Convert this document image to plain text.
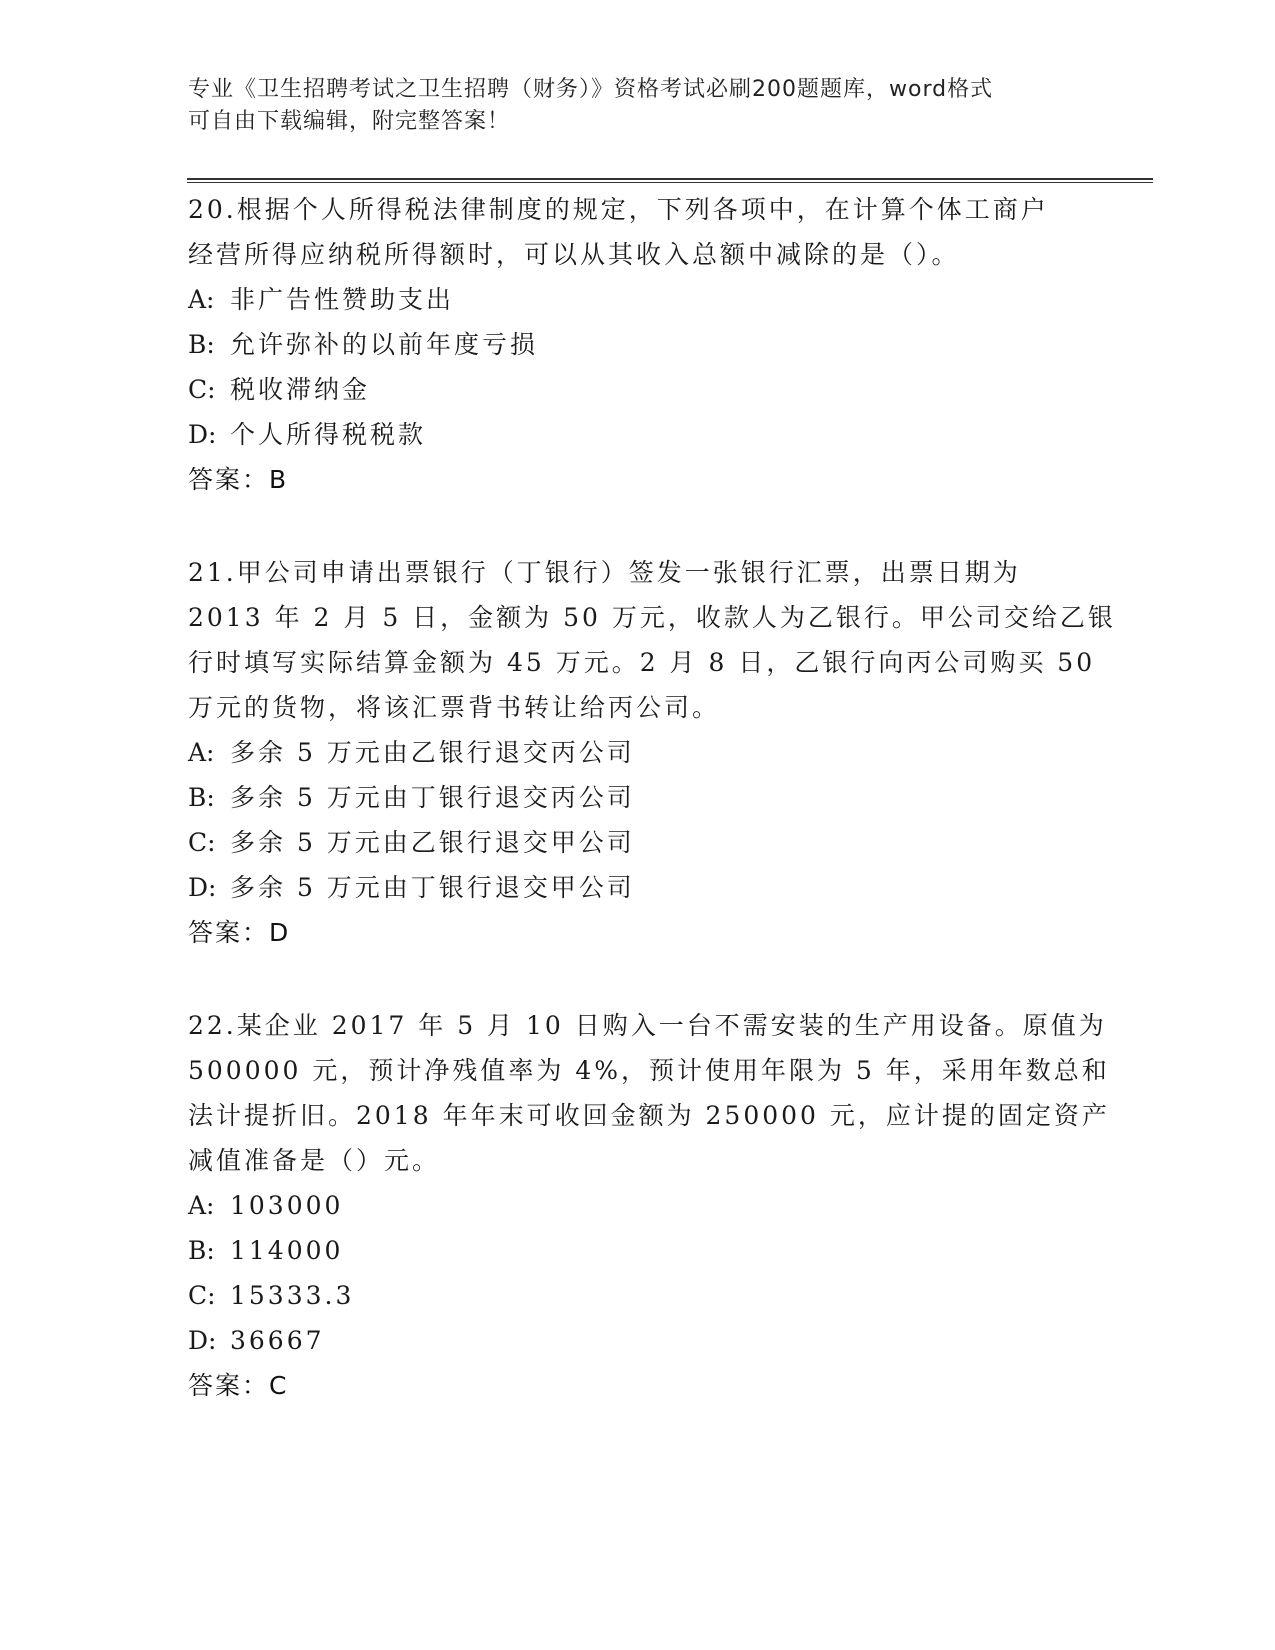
专业《卫生招聘考试之卫生招聘（财务）》资格考试必刷200题题库，word格式
可自由下载编辑，附完整答案！
20.根据个人所得税法律制度的规定，下列各项中，在计算个体工商户
经营所得应纳税所得额时，可以从其收入总额中减除的是（）。
A: 非广告性赞助支出
B: 允许弥补的以前年度亏损
C: 税收滞纳金
D: 个人所得税税款
答案：B
21.甲公司申请出票银行（丁银行）签发一张银行汇票，出票日期为
2013 年 2 月 5 日，金额为 50 万元，收款人为乙银行。甲公司交给乙银
行时填写实际结算金额为 45 万元。2 月 8 日，乙银行向丙公司购买 50
万元的货物，将该汇票背书转让给丙公司。
A: 多余 5 万元由乙银行退交丙公司
B: 多余 5 万元由丁银行退交丙公司
C: 多余 5 万元由乙银行退交甲公司
D: 多余 5 万元由丁银行退交甲公司
答案：D
22.某企业 2017 年 5 月 10 日购入一台不需安装的生产用设备。原值为
500000 元，预计净残值率为 4%，预计使用年限为 5 年，采用年数总和
法计提折旧。2018 年年末可收回金额为 250000 元，应计提的固定资产
减值准备是（）元。
A: 103000
B: 114000
C: 15333.3
D: 36667
答案：C
